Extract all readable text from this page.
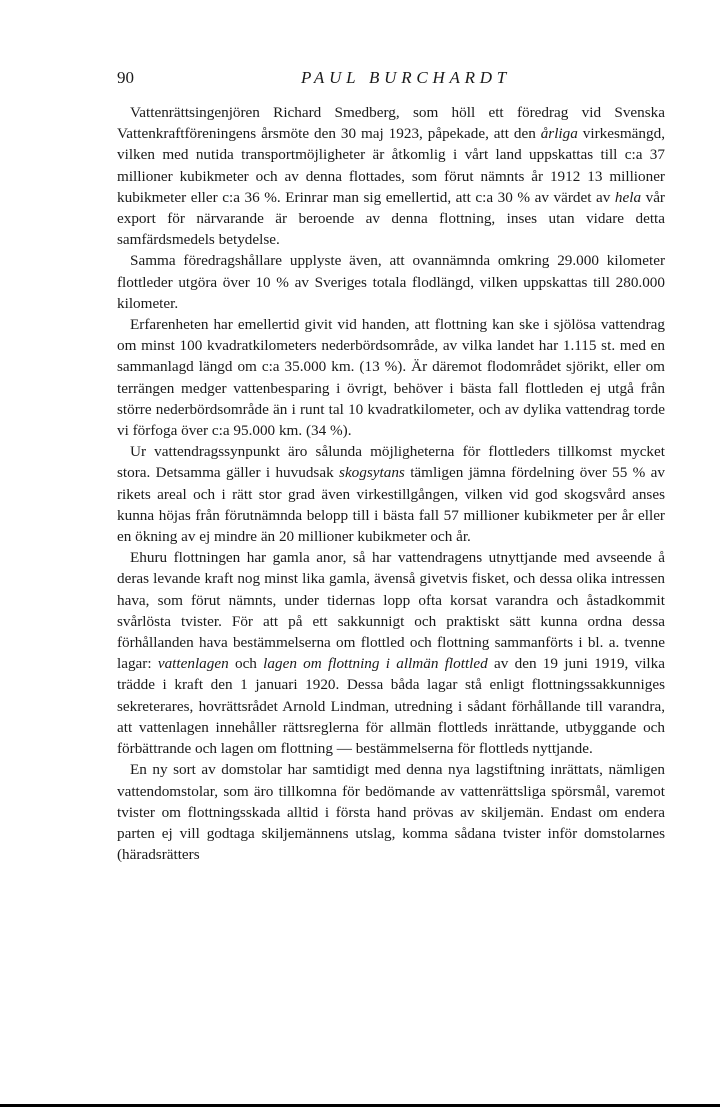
90	PAUL BURCHARDT

Vattenrättsingenjören Richard Smedberg, som höll ett föredrag vid Svenska Vattenkraftföreningens årsmöte den 30 maj 1923, påpekade, att den årliga virkesmängd, vilken med nutida transportmöjligheter är åtkomlig i vårt land uppskattas till c:a 37 millioner kubikmeter och av denna flottades, som förut nämnts år 1912 13 millioner kubikmeter eller c:a 36 %. Erinrar man sig emellertid, att c:a 30 % av värdet av hela vår export för närvarande är beroende av denna flottning, inses utan vidare detta samfärdsmedels betydelse.

Samma föredragshållare upplyste även, att ovannämnda omkring 29.000 kilometer flottleder utgöra över 10 % av Sveriges totala flodlängd, vilken uppskattas till 280.000 kilometer.

Erfarenheten har emellertid givit vid handen, att flottning kan ske i sjölösa vattendrag om minst 100 kvadratkilometers nederbördsområde, av vilka landet har 1.115 st. med en sammanlagd längd om c:a 35.000 km. (13 %). Är däremot flodområdet sjörikt, eller om terrängen medger vattenbesparing i övrigt, behöver i bästa fall flottleden ej utgå från större nederbördsområde än i runt tal 10 kvadratkilometer, och av dylika vattendrag torde vi förfoga över c:a 95.000 km. (34 %).

Ur vattendragssynpunkt äro sålunda möjligheterna för flottleders tillkomst mycket stora. Detsamma gäller i huvudsak skogsytans tämligen jämna fördelning över 55 % av rikets areal och i rätt stor grad även virkestillgången, vilken vid god skogsvård anses kunna höjas från förutnämnda belopp till i bästa fall 57 millioner kubikmeter per år eller en ökning av ej mindre än 20 millioner kubikmeter och år.

Ehuru flottningen har gamla anor, så har vattendragens utnyttjande med avseende å deras levande kraft nog minst lika gamla, ävenså givetvis fisket, och dessa olika intressen hava, som förut nämnts, under tidernas lopp ofta korsat varandra och åstadkommit svårlösta tvister. För att på ett sakkunnigt och praktiskt sätt kunna ordna dessa förhållanden hava bestämmelserna om flottled och flottning sammanförts i bl. a. tvenne lagar: vattenlagen och lagen om flottning i allmän flottled av den 19 juni 1919, vilka trädde i kraft den 1 januari 1920. Dessa båda lagar stå enligt flottningssakkunniges sekreterares, hovrättsrådet Arnold Lindman, utredning i sådant förhållande till varandra, att vattenlagen innehåller rättsreglerna för allmän flottleds inrättande, utbyggande och förbättrande och lagen om flottning — bestämmelserna för flottleds nyttjande.

En ny sort av domstolar har samtidigt med denna nya lagstiftning inrättats, nämligen vattendomstolar, som äro tillkomna för bedömande av vattenrättsliga spörsmål, varemot tvister om flottningsskada alltid i första hand prövas av skiljemän. Endast om endera parten ej vill godtaga skiljemännens utslag, komma sådana tvister inför domstolarnes (häradsrätters
